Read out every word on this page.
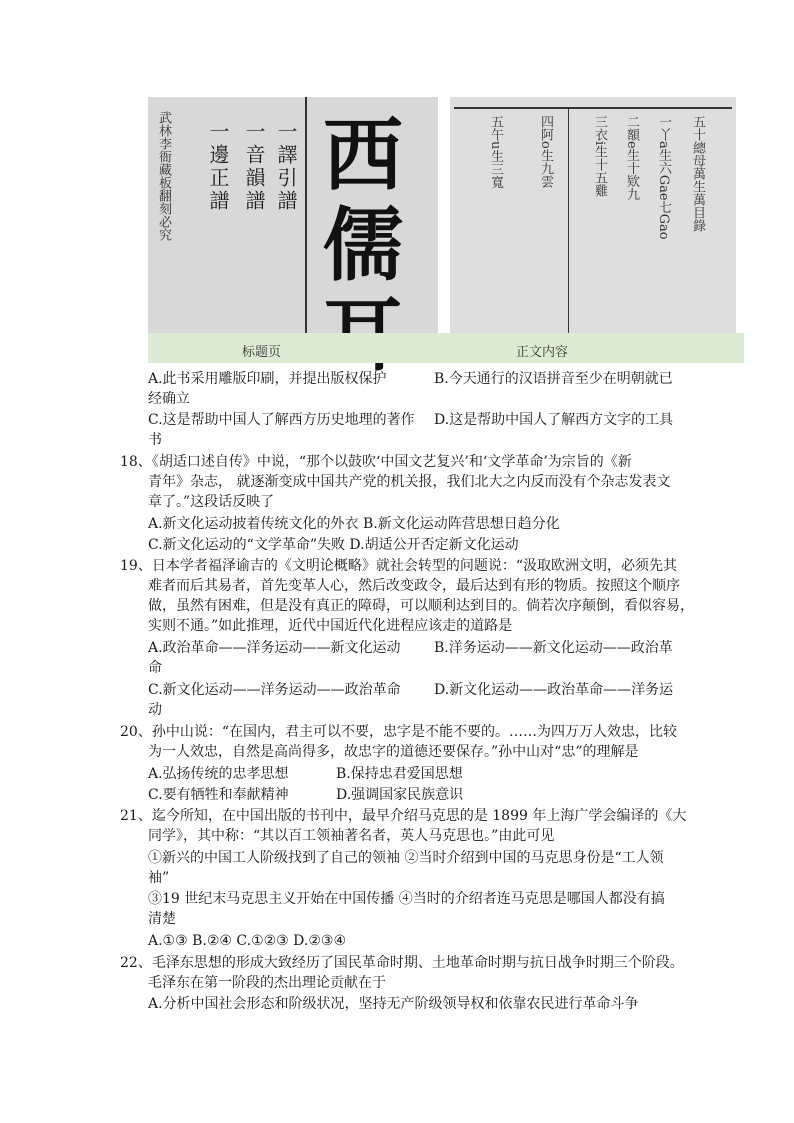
武林李衙藏板翻刻必究 一邊正譜 一音韻譜 一譯引譜 西
儒
五午u生三寬	四阿o生九雲	三衣i生十五雞 二額e生十欵九 一丫a生六Gae七Gao 五十總母萬生萬目錄
标题页	正文内容
A.此书采用雕版印刷，并提出版权保护	B.今天通行的汉语拼音至少在明朝就已
经确立
C.这是帮助中国人了解西方历史地理的著作 D.这是帮助中国人了解西方文字的工具
书
18、《胡适口述自传》中说，“那个以鼓吹‘中国文艺复兴’和‘文学革命’为宗旨的《新
青年》杂志， 就逐渐变成中国共产党的机关报，我们北大之内反而没有个杂志发表文
章了。”这段话反映了
A.新文化运动披着传统文化的外衣 B.新文化运动阵营思想日趋分化
C.新文化运动的“文学革命”失败 D.胡适公开否定新文化运动
19、日本学者福泽谕吉的《文明论概略》就社会转型的问题说：“汲取欧洲文明，必须先其
难者而后其易者，首先变革人心，然后改变政令，最后达到有形的物质。按照这个顺序
做，虽然有困难，但是没有真正的障碍，可以顺利达到目的。倘若次序颠倒，看似容易，
实则不通。”如此推理，近代中国近代化进程应该走的道路是
A.政治革命——洋务运动——新文化运动 B.洋务运动——新文化运动——政治革
命
C.新文化运动——洋务运动——政治革命 D.新文化运动——政治革命——洋务运
动
20、孙中山说：“在国内，君主可以不要，忠字是不能不要的。……为四万万人效忠，比较
为一人效忠，自然是高尚得多，故忠字的道德还要保存。”孙中山对“忠”的理解是
A.弘扬传统的忠孝思想	B.保持忠君爱国思想
C.要有牺牲和奉献精神	D.强调国家民族意识
21、迄今所知，在中国出版的书刊中，最早介绍马克思的是 1899 年上海广学会编译的《大
同学》，其中称：“其以百工领袖著名者，英人马克思也。”由此可见
①新兴的中国工人阶级找到了自己的领袖 ②当时介绍到中国的马克思身份是“工人领
袖”
③19 世纪末马克思主义开始在中国传播 ④当时的介绍者连马克思是哪国人都没有搞
清楚
A.①③ B.②④ C.①②③ D.②③④
22、毛泽东思想的形成大致经历了国民革命时期、土地革命时期与抗日战争时期三个阶段。
毛泽东在第一阶段的杰出理论贡献在于
A.分析中国社会形态和阶级状况，坚持无产阶级领导权和依靠农民进行革命斗争
